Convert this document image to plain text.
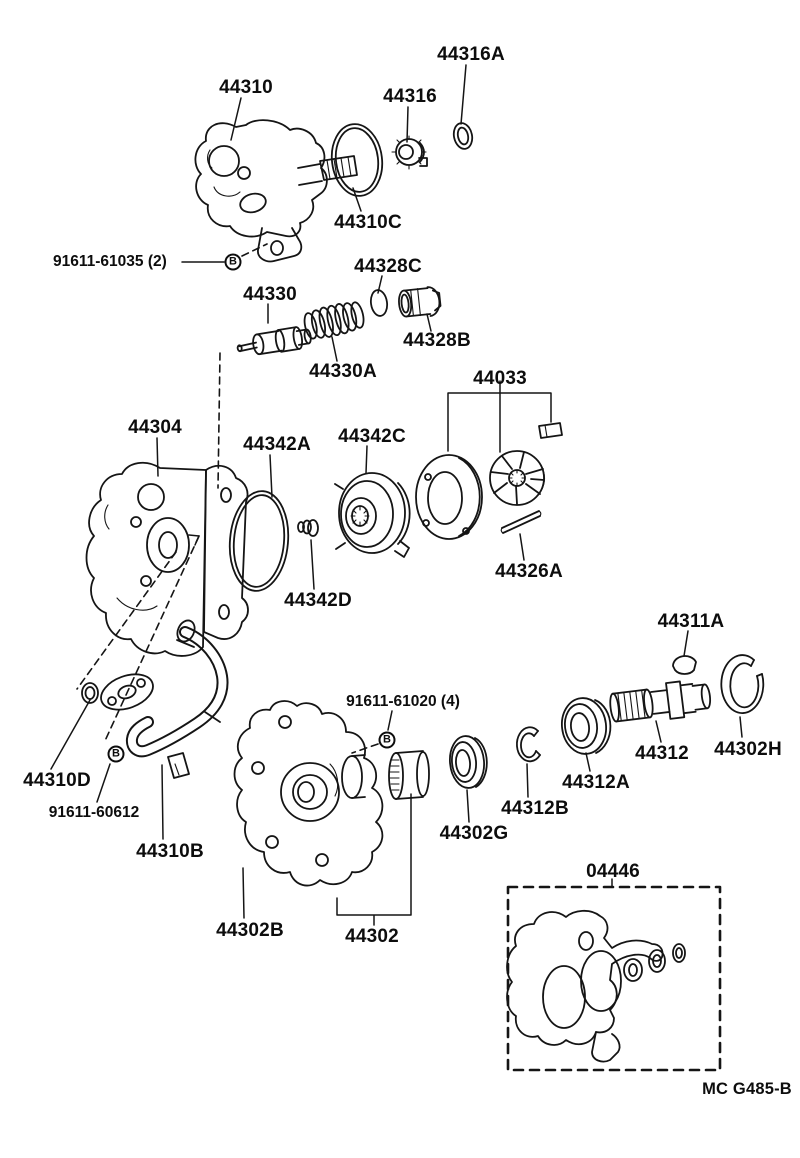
44316A
44310	44316
44310C
91611-61035 (2)	44328C
44330
44328B
44330A	44033
44304
44342A 44342C
44326A
44342D
44311A
91611-61020 (4)
44312 44302H
44312A
44312B
44302G
44310D
91611-60612
44310B
44302B	44302
04446
B
B
B
MC G485-B
